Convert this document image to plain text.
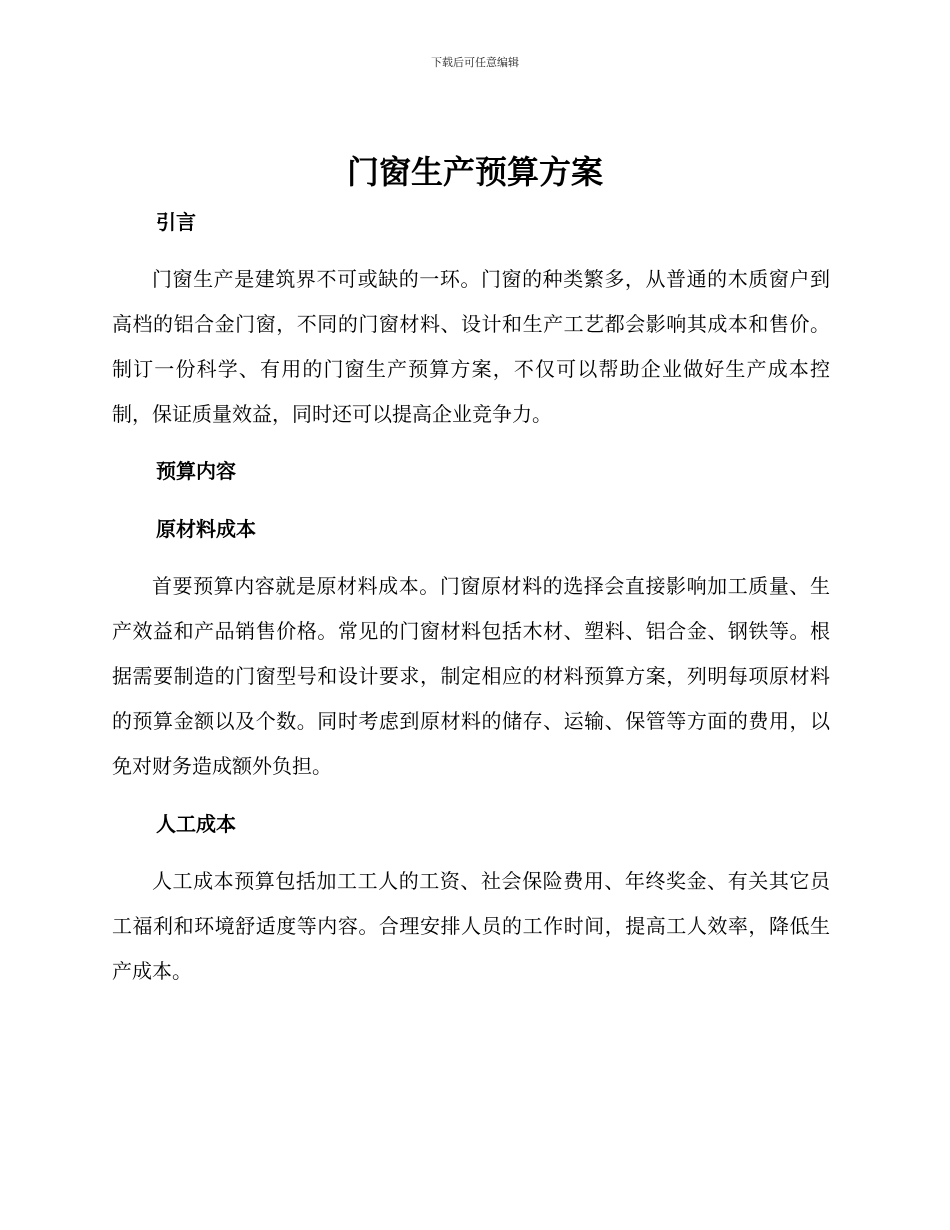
下载后可任意编辑
门窗生产预算方案
引言

门窗生产是建筑界不可或缺的一环。门窗的种类繁多，从普通的木质窗户到高档的铝合金门窗，不同的门窗材料、设计和生产工艺都会影响其成本和售价。制订一份科学、有用的门窗生产预算方案，不仅可以帮助企业做好生产成本控制，保证质量效益，同时还可以提高企业竞争力。

预算内容
原材料成本

首要预算内容就是原材料成本。门窗原材料的选择会直接影响加工质量、生产效益和产品销售价格。常见的门窗材料包括木材、塑料、铝合金、钢铁等。根据需要制造的门窗型号和设计要求，制定相应的材料预算方案，列明每项原材料的预算金额以及个数。同时考虑到原材料的储存、运输、保管等方面的费用，以免对财务造成额外负担。

人工成本

人工成本预算包括加工工人的工资、社会保险费用、年终奖金、有关其它员工福利和环境舒适度等内容。合理安排人员的工作时间，提高工人效率，降低生产成本。
